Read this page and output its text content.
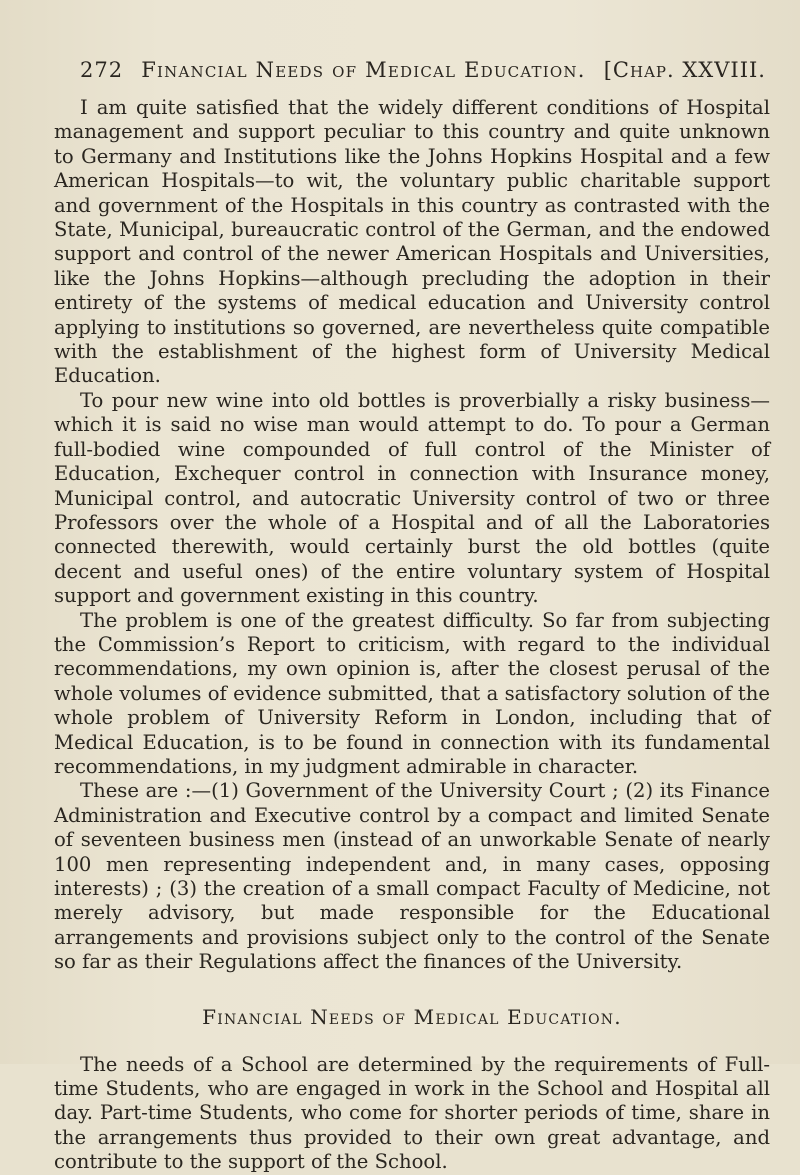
272 Financial Needs of Medical Education. [Chap. XXVIII.

I am quite satisfied that the widely different conditions of Hospital management and support peculiar to this country and quite unknown to Germany and Institutions like the Johns Hopkins Hospital and a few American Hospitals—to wit, the voluntary public charitable support and government of the Hospitals in this country as contrasted with the State, Municipal, bureaucratic control of the German, and the endowed support and control of the newer American Hospitals and Universities, like the Johns Hopkins—although precluding the adoption in their entirety of the systems of medical education and University control applying to institutions so governed, are nevertheless quite compatible with the establishment of the highest form of University Medical Education.

To pour new wine into old bottles is proverbially a risky business—which it is said no wise man would attempt to do. To pour a German full-bodied wine compounded of full control of the Minister of Education, Exchequer control in connection with Insurance money, Municipal control, and autocratic University control of two or three Professors over the whole of a Hospital and of all the Laboratories connected therewith, would certainly burst the old bottles (quite decent and useful ones) of the entire voluntary system of Hospital support and government existing in this country.

The problem is one of the greatest difficulty. So far from subjecting the Commission’s Report to criticism, with regard to the individual recommendations, my own opinion is, after the closest perusal of the whole volumes of evidence submitted, that a satisfactory solution of the whole problem of University Reform in London, including that of Medical Education, is to be found in connection with its fundamental recommendations, in my judgment admirable in character.

These are :—(1) Government of the University Court ; (2) its Finance Administration and Executive control by a compact and limited Senate of seventeen business men (instead of an unworkable Senate of nearly 100 men representing independent and, in many cases, opposing interests) ; (3) the creation of a small compact Faculty of Medicine, not merely advisory, but made responsible for the Educational arrangements and provisions subject only to the control of the Senate so far as their Regulations affect the finances of the University.

Financial Needs of Medical Education.

The needs of a School are determined by the requirements of Full-time Students, who are engaged in work in the School and Hospital all day. Part-time Students, who come for shorter periods of time, share in the arrangements thus provided to their own great advantage, and contribute to the support of the School.
